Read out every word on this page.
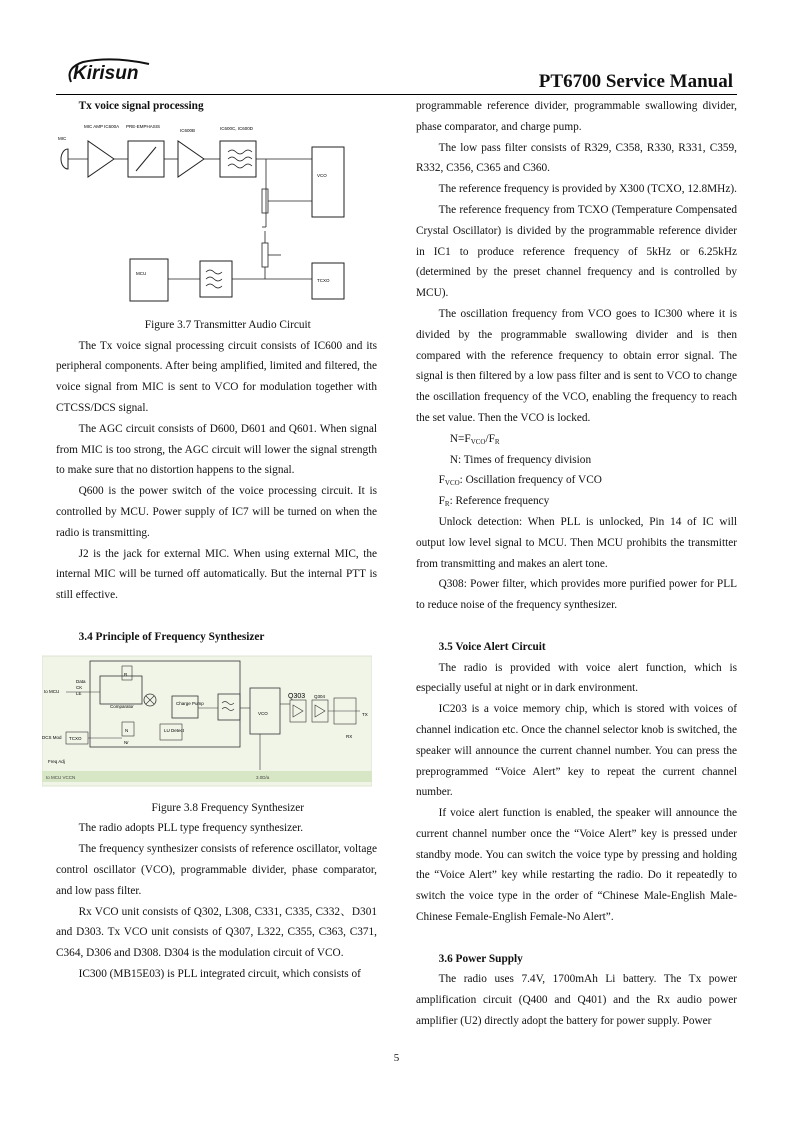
Kirisun	PT6700 Service Manual

Tx voice signal processing

MIC AMP IC600A PRE-EMPHASIS
IC600B	IC600C, IC600D
MIC
VCO
MCU
TCXO

Figure 3.7 Transmitter Audio Circuit

The Tx voice signal processing circuit consists of IC600 and its peripheral components. After being amplified, limited and filtered, the voice signal from MIC is sent to VCO for modulation together with CTCSS/DCS signal.

The AGC circuit consists of D600, D601 and Q601. When signal from MIC is too strong, the AGC circuit will lower the signal strength to make sure that no distortion happens to the signal.

Q600 is the power switch of the voice processing circuit. It is controlled by MCU. Power supply of IC7 will be turned on when the radio is transmitting.

J2 is the jack for external MIC. When using external MIC, the internal MIC will be turned off automatically. But the internal PTT is still effective.

3.4 Principle of Frequency Synthesizer

to MCU VCCN	3.0D/a
to MCU
Data
CK
LE
R
Comparator
Charge Pump
N
Nr
LU Detect
VCO
Q303 Q304
TX
RX
DCS Mod TCXO
Freq Adj

Figure 3.8 Frequency Synthesizer

The radio adopts PLL type frequency synthesizer.

The frequency synthesizer consists of reference oscillator, voltage control oscillator (VCO), programmable divider, phase comparator, and low pass filter.

Rx VCO unit consists of Q302, L308, C331, C335, C332、D301 and D303. Tx VCO unit consists of Q307, L322, C355, C363, C371, C364, D306 and D308. D304 is the modulation circuit of VCO.

IC300 (MB15E03) is PLL integrated circuit, which consists of

programmable reference divider, programmable swallowing divider, phase comparator, and charge pump.

The low pass filter consists of R329, C358, R330, R331, C359, R332, C356, C365 and C360.

The reference frequency is provided by X300 (TCXO, 12.8MHz).

The reference frequency from TCXO (Temperature Compensated Crystal Oscillator) is divided by the programmable reference divider in IC1 to produce reference frequency of 5kHz or 6.25kHz (determined by the preset channel frequency and is controlled by MCU).

The oscillation frequency from VCO goes to IC300 where it is divided by the programmable swallowing divider and is then compared with the reference frequency to obtain error signal. The signal is then filtered by a low pass filter and is sent to VCO to change the oscillation frequency of the VCO, enabling the frequency to reach the set value. Then the VCO is locked.

$N=F_{VCO}/F_R$

N: Times of frequency division

$F_{VCO}$: Oscillation frequency of VCO

$F_R$: Reference frequency

Unlock detection: When PLL is unlocked, Pin 14 of IC will output low level signal to MCU. Then MCU prohibits the transmitter from transmitting and makes an alert tone.

Q308: Power filter, which provides more purified power for PLL to reduce noise of the frequency synthesizer.

3.5 Voice Alert Circuit

The radio is provided with voice alert function, which is especially useful at night or in dark environment.

IC203 is a voice memory chip, which is stored with voices of channel indication etc. Once the channel selector knob is switched, the speaker will announce the current channel number. You can press the preprogrammed “Voice Alert” key to repeat the current channel number.

If voice alert function is enabled, the speaker will announce the current channel number once the “Voice Alert” key is pressed under standby mode. You can switch the voice type by pressing and holding the “Voice Alert” key while restarting the radio. Do it repeatedly to switch the voice type in the order of “Chinese Male-English Male-Chinese Female-English Female-No Alert”.

3.6 Power Supply

The radio uses 7.4V, 1700mAh Li battery. The Tx power amplification circuit (Q400 and Q401) and the Rx audio power amplifier (U2) directly adopt the battery for power supply. Power

5
